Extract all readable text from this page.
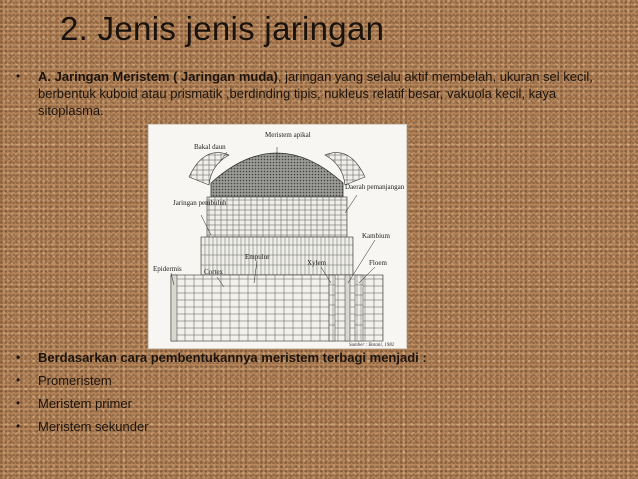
2. Jenis jenis jaringan
• A. Jaringan Meristem ( Jaringan muda), jaringan yang selalu aktif membelah, ukuran sel kecil, berbentuk kuboid atau prismatik ,berdinding tipis, nukleus relatif besar, vakuola kecil, kaya sitoplasma.
Meristem apikal
Bakal daun
Jaringan pembuluh
Daerah pemanjangan
Epidermis	Cortex
Empulur
Xylem
Kambium
Floem
Sumber : Botani, 1982
• Berdasarkan cara pembentukannya meristem terbagi menjadi :
• Promeristem
• Meristem primer
• Meristem sekunder
